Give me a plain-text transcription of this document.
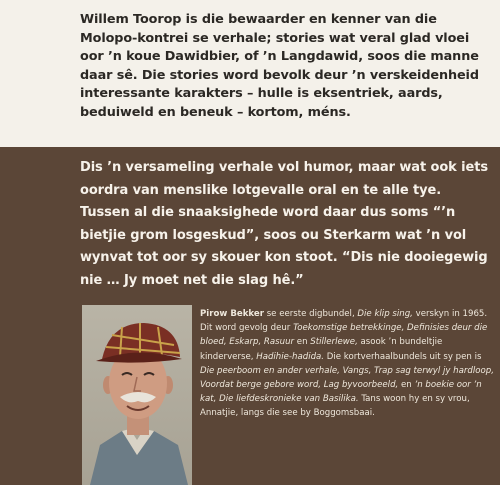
Willem Toorop is die bewaarder en kenner van die Molopo-kontrei se verhale; stories wat veral glad vloei oor ’n koue Dawidbier, of ’n Langdawid, soos die manne daar sê. Die stories word bevolk deur ’n verskeidenheid interessante karakters – hulle is eksentriek, aards, beduiweld en beneuk – kortom, méns.

Dis ’n versameling verhale vol humor, maar wat ook iets oordra van menslike lotgevalle oral en te alle tye. Tussen al die snaaksighede word daar dus soms “’n bietjie grom losgeskud”, soos ou Sterkarm wat ’n vol wynvat tot oor sy skouer kon stoot. “Dis nie dooiegewig nie … Jy moet net die slag hê.”

Pirow Bekker se eerste digbundel, Die klip sing, verskyn in 1965. Dit word gevolg deur Toekomstige betrekkinge, Definisies deur die bloed, Eskarp, Rasuur en Stillerlewe, asook ’n bundeltjie kinderverse, Hadihie-hadida. Die kortverhaalbundels uit sy pen is Die peerboom en ander verhale, Vangs, Trap sag terwyl jy hardloop, Voordat berge gebore word, Lag byvoorbeeld, en ’n boekie oor ’n kat, Die liefdeskronieke van Basilika. Tans woon hy en sy vrou, Annatjie, langs die see by Boggomsbaai.
